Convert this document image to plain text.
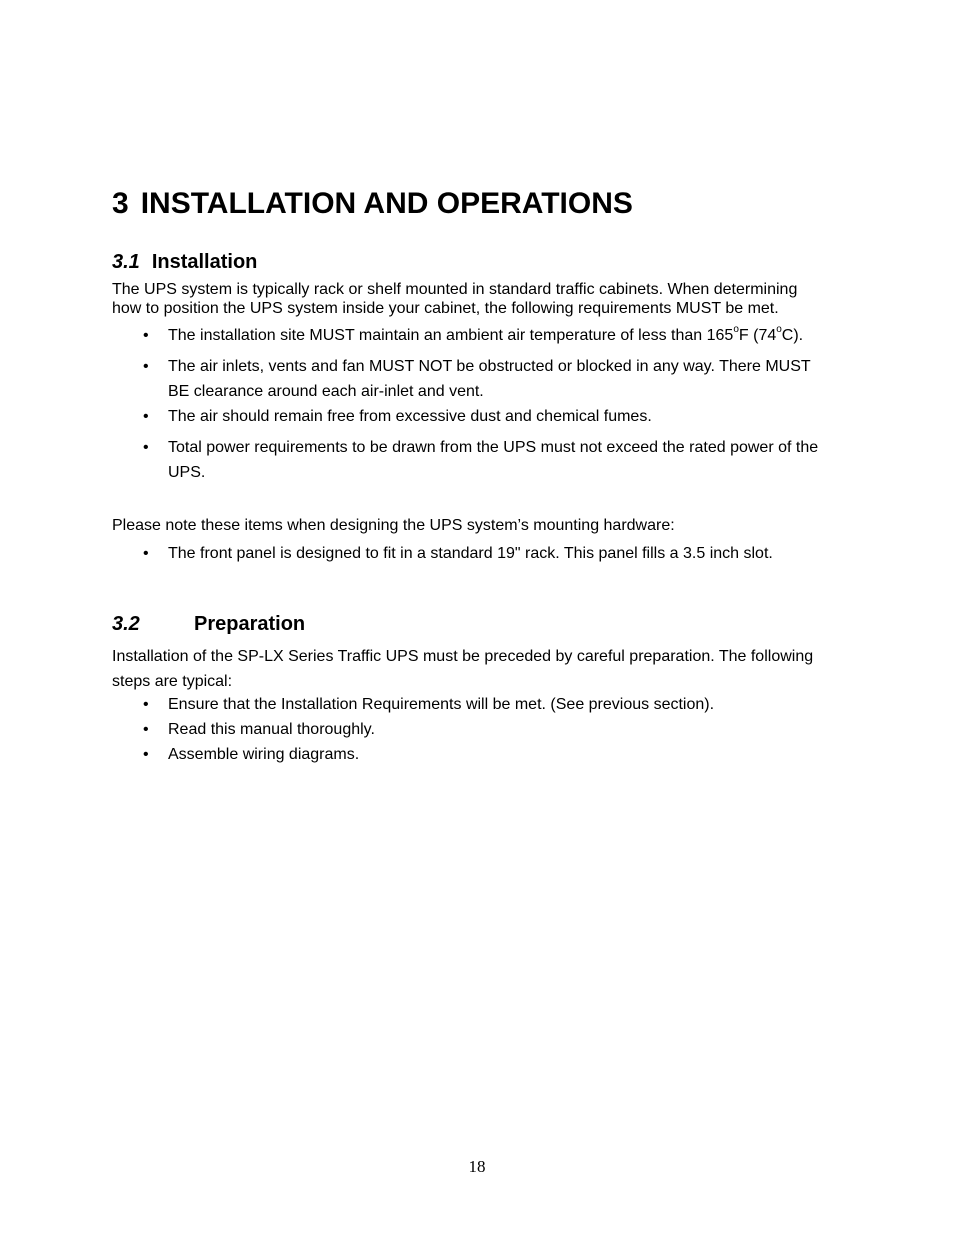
3 INSTALLATION AND OPERATIONS
3.1 Installation
The UPS system is typically rack or shelf mounted in standard traffic cabinets. When determining
how to position the UPS system inside your cabinet, the following requirements MUST be met.
• The installation site MUST maintain an ambient air temperature of less than 165$^o$F (74$^o$C).
• The air inlets, vents and fan MUST NOT be obstructed or blocked in any way. There MUST
BE clearance around each air-inlet and vent.
• The air should remain free from excessive dust and chemical fumes.
• Total power requirements to be drawn from the UPS must not exceed the rated power of the
UPS.
Please note these items when designing the UPS system’s mounting hardware:
• The front panel is designed to fit in a standard 19" rack. This panel fills a 3.5 inch slot.
3.2	Preparation
Installation of the SP-LX Series Traffic UPS must be preceded by careful preparation. The following
steps are typical:
• Ensure that the Installation Requirements will be met. (See previous section).
• Read this manual thoroughly.
• Assemble wiring diagrams.
18
